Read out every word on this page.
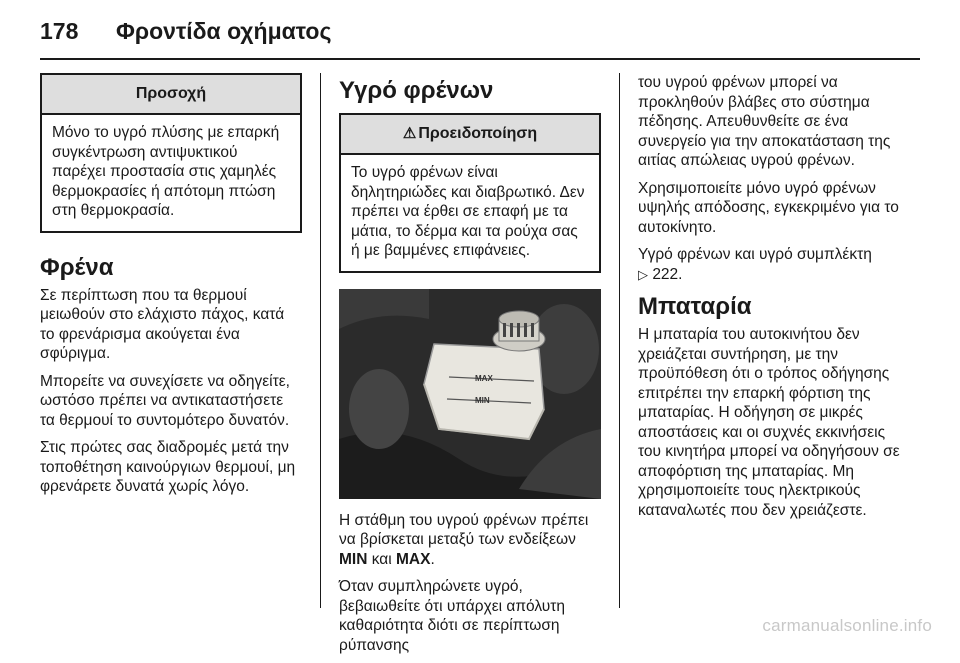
178 Φροντίδα οχήματος
Προσοχή
Μόνο το υγρό πλύσης με επαρκή συγκέντρωση αντιψυκτικού παρέχει προστασία στις χαμηλές θερμοκρασίες ή απότομη πτώση στη θερμοκρασία.
Φρένα

Σε περίπτωση που τα θερμουί μειωθούν στο ελάχιστο πάχος, κατά το φρενάρισμα ακούγεται ένα σφύριγμα.

Μπορείτε να συνεχίσετε να οδηγείτε, ωστόσο πρέπει να αντικαταστήσετε τα θερμουί το συντομότερο δυνατόν.

Στις πρώτες σας διαδρομές μετά την τοποθέτηση καινούργιων θερμουί, μη φρενάρετε δυνατά χωρίς λόγο.

Υγρό φρένων
⚠ Προειδοποίηση
Το υγρό φρένων είναι δηλητηριώδες και διαβρωτικό. Δεν πρέπει να έρθει σε επαφή με τα μάτια, το δέρμα και τα ρούχα σας ή με βαμμένες επιφάνειες.
MAX
MIN

Η στάθμη του υγρού φρένων πρέπει να βρίσκεται μεταξύ των ενδείξεων MIN και MAX.

Όταν συμπληρώνετε υγρό, βεβαιωθείτε ότι υπάρχει απόλυτη καθαριότητα διότι σε περίπτωση ρύπανσης

του υγρού φρένων μπορεί να προκληθούν βλάβες στο σύστημα πέδησης. Απευθυνθείτε σε ένα συνεργείο για την αποκατάσταση της αιτίας απώλειας υγρού φρένων.

Χρησιμοποιείτε μόνο υγρό φρένων υψηλής απόδοσης, εγκεκριμένο για το αυτοκίνητο.

Υγρό φρένων και υγρό συμπλέκτη
▷ 222.

Μπαταρία

Η μπαταρία του αυτοκινήτου δεν χρειάζεται συντήρηση, με την προϋπόθεση ότι ο τρόπος οδήγησης επιτρέπει την επαρκή φόρτιση της μπαταρίας. Η οδήγηση σε μικρές αποστάσεις και οι συχνές εκκινήσεις του κινητήρα μπορεί να οδηγήσουν σε αποφόρτιση της μπαταρίας. Μη χρησιμοποιείτε τους ηλεκτρικούς καταναλωτές που δεν χρειάζεστε.

carmanualsonline.info
